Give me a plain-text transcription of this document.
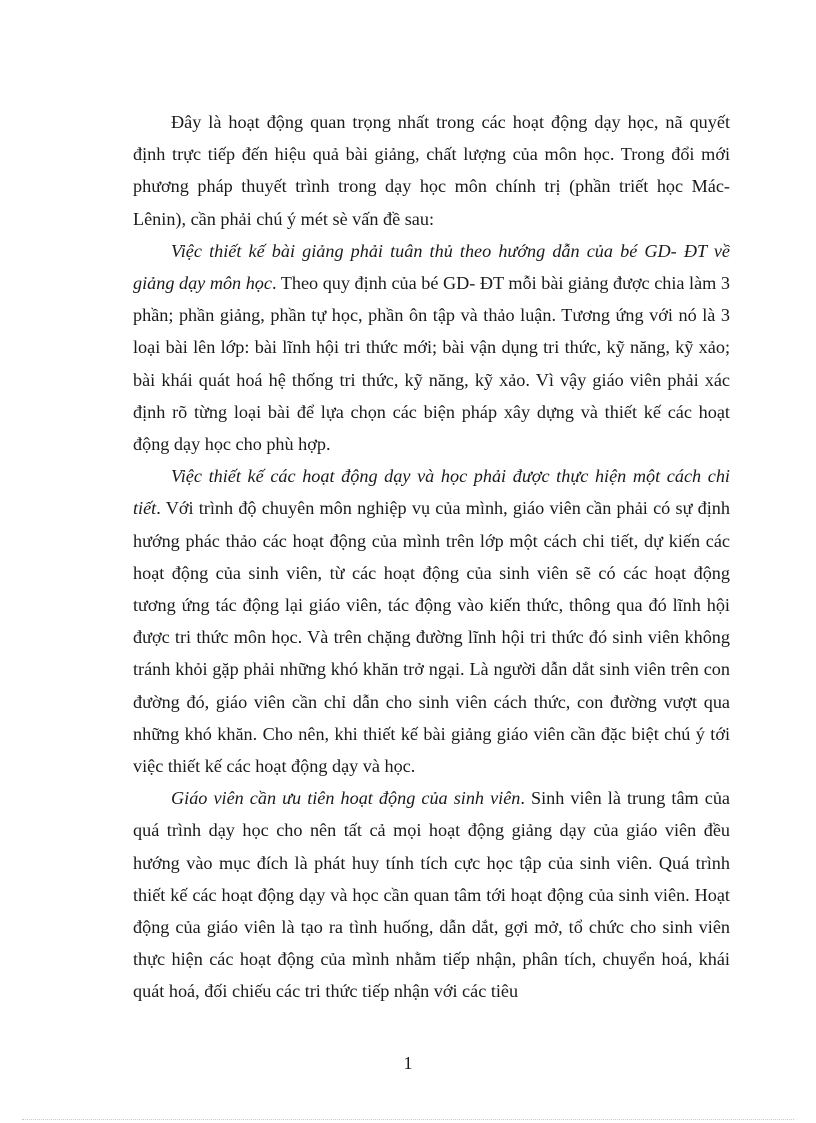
Đây là hoạt động quan trọng nhất trong các hoạt động dạy học, nã quyết định trực tiếp đến hiệu quả bài giảng, chất lượng của môn học. Trong đổi mới phương pháp thuyết trình trong dạy học môn chính trị (phần triết học Mác- Lênin), cần phải chú ý mét sè vấn đề sau:

Việc thiết kế bài giảng phải tuân thủ theo hướng dẫn của bé GD- ĐT về giảng dạy môn học. Theo quy định của bé GD- ĐT mỗi bài giảng được chia làm 3 phần; phần giảng, phần tự học, phần ôn tập và thảo luận. Tương ứng với nó là 3 loại bài lên lớp: bài lĩnh hội tri thức mới; bài vận dụng tri thức, kỹ năng, kỹ xảo; bài khái quát hoá hệ thống tri thức, kỹ năng, kỹ xảo. Vì vậy giáo viên phải xác định rõ từng loại bài để lựa chọn các biện pháp xây dựng và thiết kế các hoạt động dạy học cho phù hợp.

Việc thiết kế các hoạt động dạy và học phải được thực hiện một cách chi tiết. Với trình độ chuyên môn nghiệp vụ của mình, giáo viên cần phải có sự định hướng phác thảo các hoạt động của mình trên lớp một cách chi tiết, dự kiến các hoạt động của sinh viên, từ các hoạt động của sinh viên sẽ có các hoạt động tương ứng tác động lại giáo viên, tác động vào kiến thức, thông qua đó lĩnh hội được tri thức môn học. Và trên chặng đường lĩnh hội tri thức đó sinh viên không tránh khỏi gặp phải những khó khăn trở ngại. Là người dẫn dắt sinh viên trên con đường đó, giáo viên cần chỉ dẫn cho sinh viên cách thức, con đường vượt qua những khó khăn. Cho nên, khi thiết kế bài giảng giáo viên cần đặc biệt chú ý tới việc thiết kế các hoạt động dạy và học.

Giáo viên cần ưu tiên hoạt động của sinh viên. Sinh viên là trung tâm của quá trình dạy học cho nên tất cả mọi hoạt động giảng dạy của giáo viên đều hướng vào mục đích là phát huy tính tích cực học tập của sinh viên. Quá trình thiết kế các hoạt động dạy và học cần quan tâm tới hoạt động của sinh viên. Hoạt động của giáo viên là tạo ra tình huống, dẫn dắt, gợi mở, tổ chức cho sinh viên thực hiện các hoạt động của mình nhằm tiếp nhận, phân tích, chuyển hoá, khái quát hoá, đối chiếu các tri thức tiếp nhận với các tiêu

1
